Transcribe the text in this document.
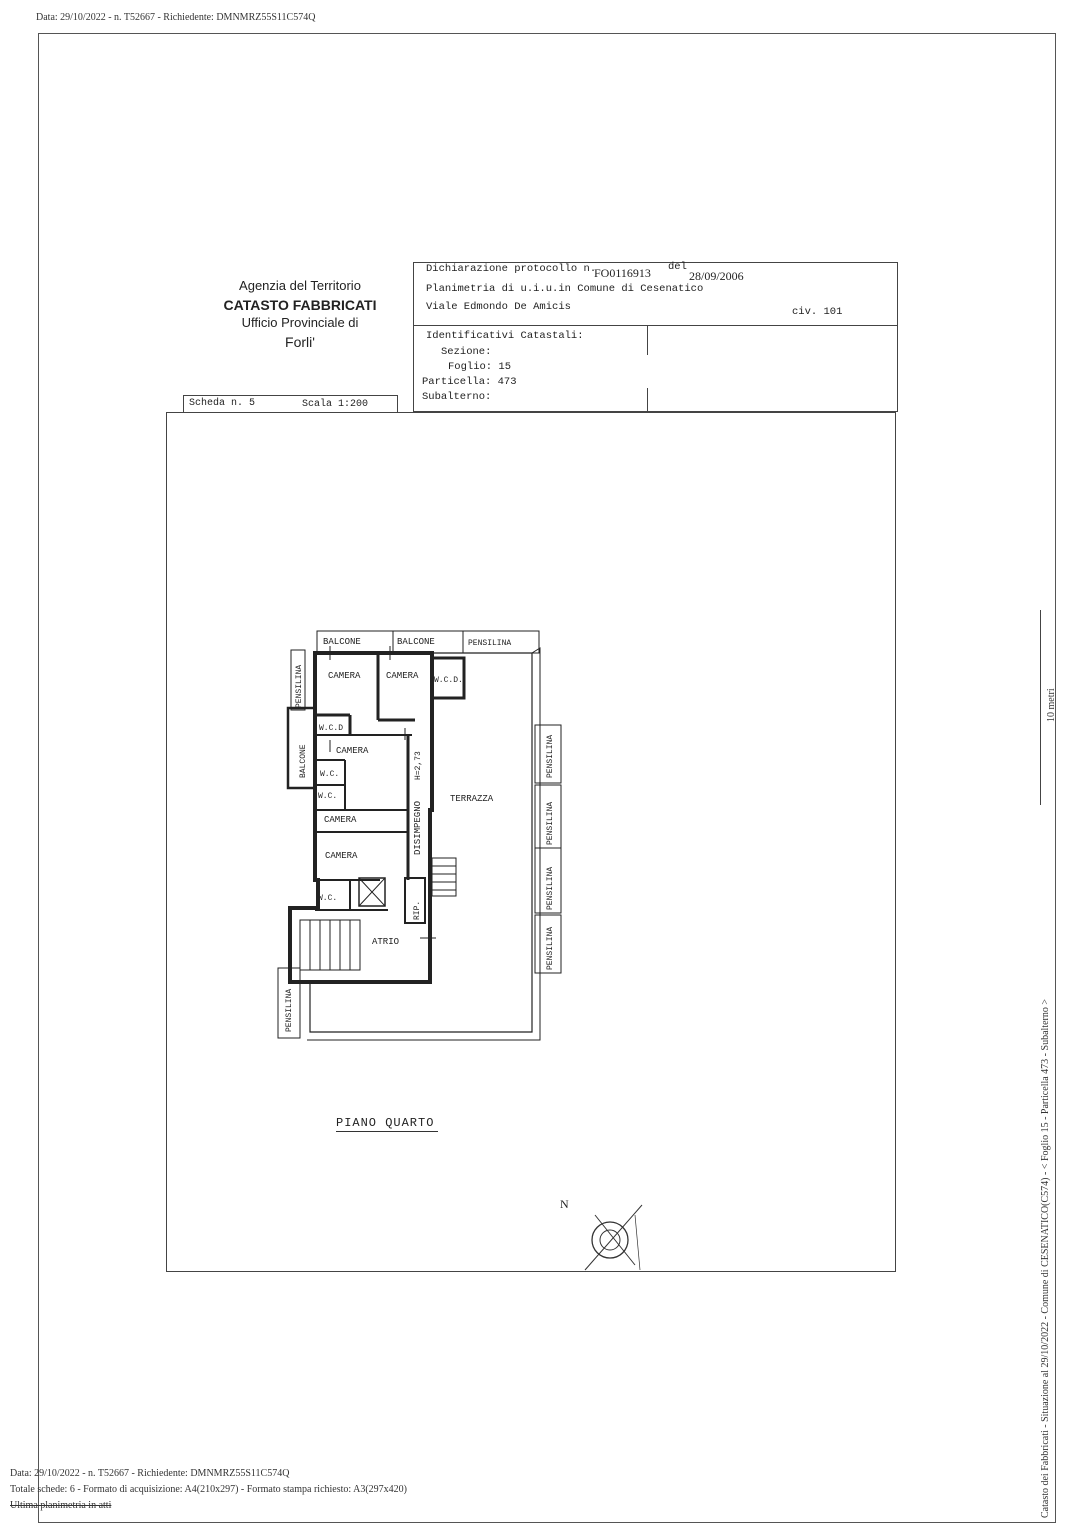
Data: 29/10/2022 - n. T52667 - Richiedente: DMNMRZ55S11C574Q
Agenzia del Territorio
CATASTO FABBRICATI
Ufficio Provinciale di
Forli'
Dichiarazione protocollo n.
FO0116913 del
28/09/2006
Planimetria di u.i.u.in Comune di Cesenatico
Viale Edmondo De Amicis	civ. 101
Identificativi Catastali:
Sezione:
Foglio: 15
Particella: 473
Subalterno:
Scheda n. 5	Scala 1:200
BALCONE	BALCONE	PENSILINA
CAMERA	CAMERA W.C.D.
W.C.D
CAMERA
W.C.
W.C.
CAMERA
CAMERA
W.C.
ATRIO
TERRAZZA
PENSILINA
BALCONE	H=2,73
DISIMPEGNO
RIP.
PENSILINA
PENSILINA
PENSILINA
PENSILINA
PENSILINA
PIANO QUARTO
N
10 metri
Catasto dei Fabbricati - Situazione al 29/10/2022 - Comune di CESENATICO(C574) - < Foglio 15 - Particella 473 - Subalterno >
Data: 29/10/2022 - n. T52667 - Richiedente: DMNMRZ55S11C574Q
Totale schede: 6 - Formato di acquisizione: A4(210x297) - Formato stampa richiesto: A3(297x420)
Ultima planimetria in atti
